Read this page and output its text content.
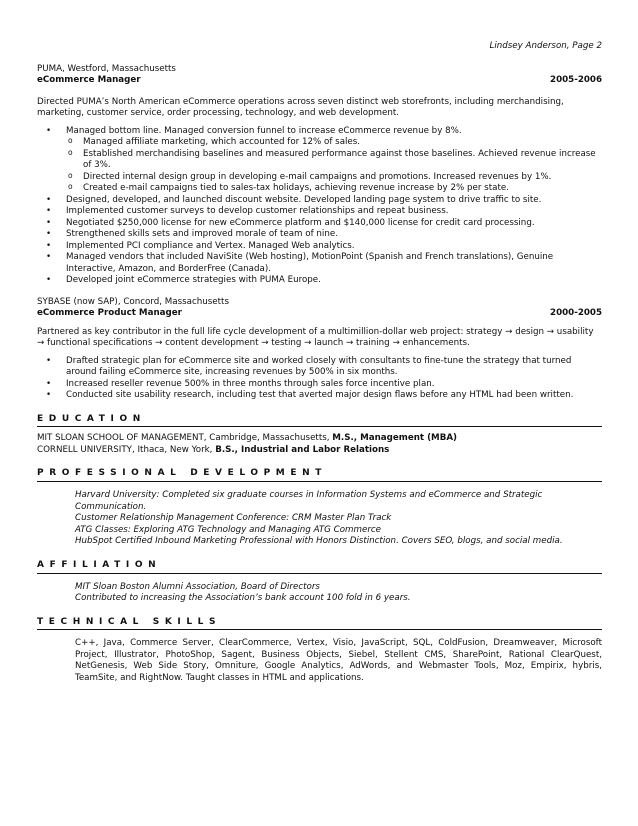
Lindsey Anderson, Page 2
PUMA, Westford, Massachusetts
eCommerce Manager	2005-2006
Directed PUMA’s North American eCommerce operations across seven distinct web storefronts, including merchandising, marketing, customer service, order processing, technology, and web development.
• Managed bottom line. Managed conversion funnel to increase eCommerce revenue by 8%.
o Managed affiliate marketing, which accounted for 12% of sales.
o Established merchandising baselines and measured performance against those baselines. Achieved revenue increase of 3%.
o Directed internal design group in developing e-mail campaigns and promotions. Increased revenues by 1%.
o Created e-mail campaigns tied to sales-tax holidays, achieving revenue increase by 2% per state.
• Designed, developed, and launched discount website. Developed landing page system to drive traffic to site.
• Implemented customer surveys to develop customer relationships and repeat business.
• Negotiated $250,000 license for new eCommerce platform and $140,000 license for credit card processing.
• Strengthened skills sets and improved morale of team of nine.
• Implemented PCI compliance and Vertex. Managed Web analytics.
• Managed vendors that included NaviSite (Web hosting), MotionPoint (Spanish and French translations), Genuine Interactive, Amazon, and BorderFree (Canada).
• Developed joint eCommerce strategies with PUMA Europe.
SYBASE (now SAP), Concord, Massachusetts
eCommerce Product Manager	2000-2005
Partnered as key contributor in the full life cycle development of a multimillion-dollar web project: strategy → design → usability → functional specifications → content development → testing → launch → training → enhancements.
• Drafted strategic plan for eCommerce site and worked closely with consultants to fine-tune the strategy that turned around failing eCommerce site, increasing revenues by 500% in six months.
• Increased reseller revenue 500% in three months through sales force incentive plan.
• Conducted site usability research, including test that averted major design flaws before any HTML had been written.
EDUCATION
MIT SLOAN SCHOOL OF MANAGEMENT, Cambridge, Massachusetts, M.S., Management (MBA)
CORNELL UNIVERSITY, Ithaca, New York, B.S., Industrial and Labor Relations
PROFESSIONAL DEVELOPMENT
Harvard University: Completed six graduate courses in Information Systems and eCommerce and Strategic Communication.
Customer Relationship Management Conference: CRM Master Plan Track
ATG Classes: Exploring ATG Technology and Managing ATG Commerce
HubSpot Certified Inbound Marketing Professional with Honors Distinction. Covers SEO, blogs, and social media.
AFFILIATION
MIT Sloan Boston Alumni Association, Board of Directors
Contributed to increasing the Association’s bank account 100 fold in 6 years.
TECHNICAL SKILLS
C++, Java, Commerce Server, ClearCommerce, Vertex, Visio, JavaScript, SQL, ColdFusion, Dreamweaver, Microsoft Project, Illustrator, PhotoShop, Sagent, Business Objects, Siebel, Stellent CMS, SharePoint, Rational ClearQuest, NetGenesis, Web Side Story, Omniture, Google Analytics, AdWords, and Webmaster Tools, Moz, Empirix, hybris, TeamSite, and RightNow. Taught classes in HTML and applications.
